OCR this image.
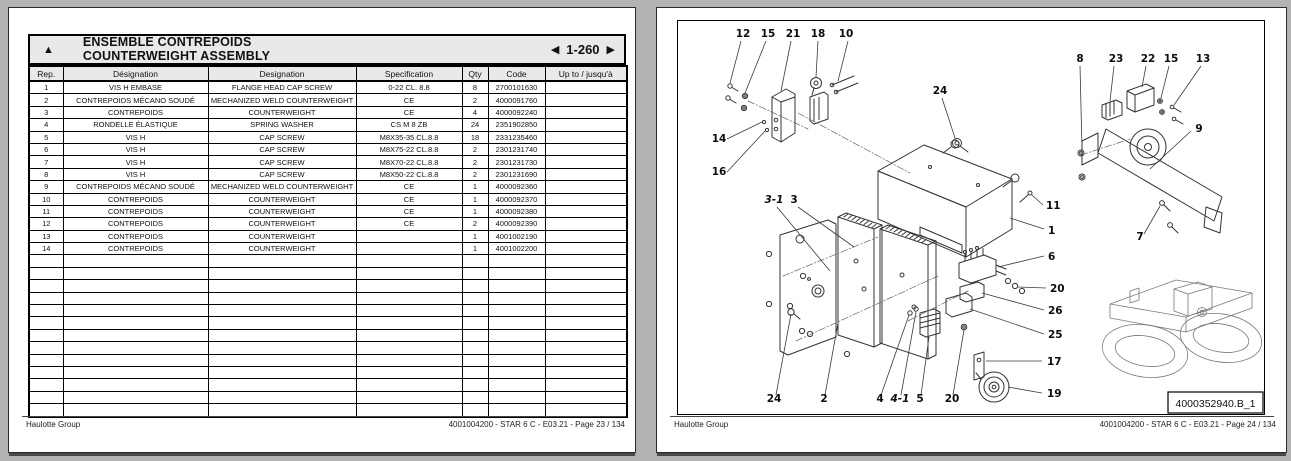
▲
ENSEMBLE CONTREPOIDS
COUNTERWEIGHT ASSEMBLY	◀ 1-260 ▶
Rep.	Désignation	Designation	Specification	Qty	Code	Up to / jusqu'à
1	VIS H EMBASE	FLANGE HEAD CAP SCREW	0-22 CL. 8.8	8	2700101630	
2	CONTREPOIDS MÉCANO SOUDÉ	MECHANIZED WELD COUNTERWEIGHT	CE	2	4000091760	
3	CONTREPOIDS	COUNTERWEIGHT	CE	4	4000092240	
4	RONDELLE ÉLASTIQUE	SPRING WASHER	CS M 8 ZB	24	2351902850	
5	VIS H	CAP SCREW	M8X35-35 CL.8.8	18	2331235460	
6	VIS H	CAP SCREW	M8X75-22 CL.8.8	2	2301231740	
7	VIS H	CAP SCREW	M8X70-22 CL.8.8	2	2301231730	
8	VIS H	CAP SCREW	M8X50-22 CL.8.8	2	2301231690	
9	CONTREPOIDS MÉCANO SOUDÉ	MECHANIZED WELD COUNTERWEIGHT	CE	1	4000092360	
10	CONTREPOIDS	COUNTERWEIGHT	CE	1	4000092370	
11	CONTREPOIDS	COUNTERWEIGHT	CE	1	4000092380	
12	CONTREPOIDS	COUNTERWEIGHT	CE	2	4000092390	
13	CONTREPOIDS	COUNTERWEIGHT		1	4001002190	
14	CONTREPOIDS	COUNTERWEIGHT		1	4001002200	

Haulotte Group	4001004200 - STAR 6 C - E03.21 - Page 23 / 134
12 15 21 18 10
24
8 23 22 15 13
14
16
9
7
3-1 3	11
1
6
20
26
25
17
19
24	2	4 4-1 5 20	4000352940.B_1
Haulotte Group	4001004200 - STAR 6 C - E03.21 - Page 24 / 134
